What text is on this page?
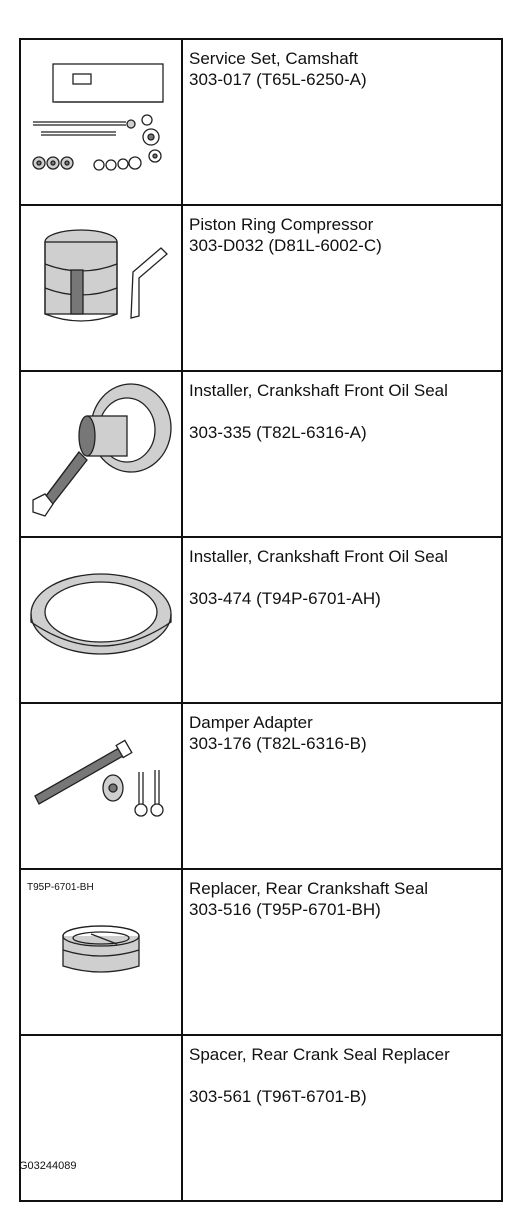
Service Set, Camshaft
303-017 (T65L-6250-A)

Piston Ring Compressor
303-D032 (D81L-6002-C)

Installer, Crankshaft Front Oil Seal
303-335 (T82L-6316-A)

Installer, Crankshaft Front Oil Seal
303-474 (T94P-6701-AH)

Damper Adapter
303-176 (T82L-6316-B)

T95P-6701-BH	Replacer, Rear Crankshaft Seal
303-516 (T95P-6701-BH)

	Spacer, Rear Crank Seal Replacer
303-561 (T96T-6701-B)
G03244089
